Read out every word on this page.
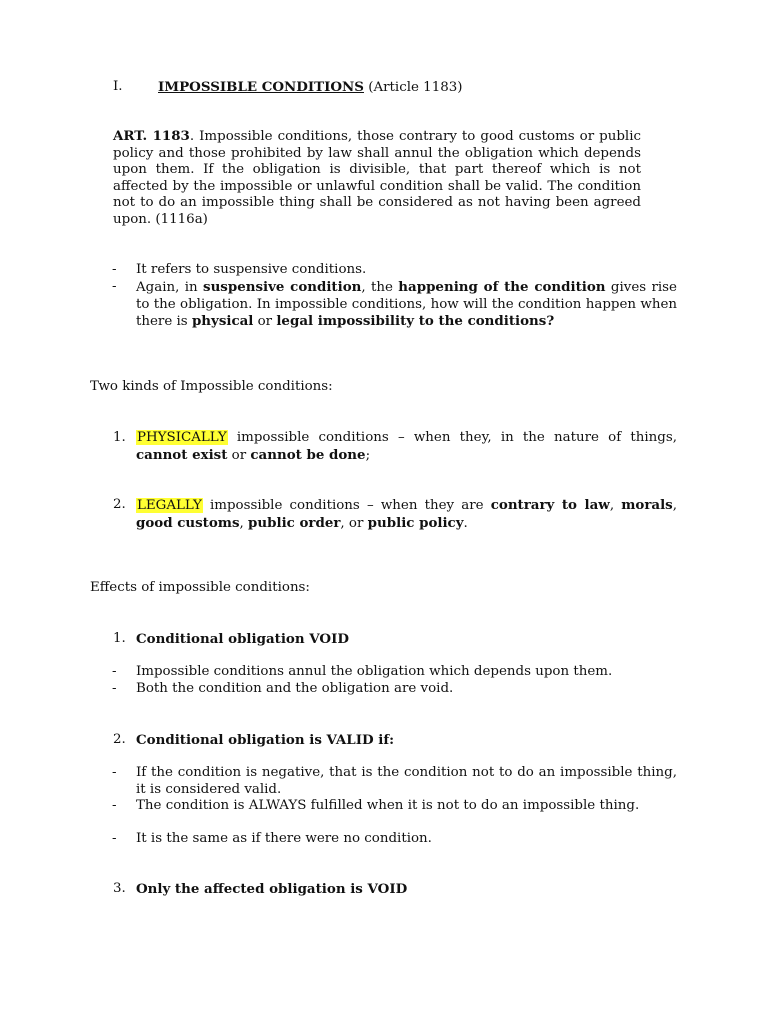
I.	IMPOSSIBLE CONDITIONS (Article 1183)
ART. 1183. Impossible conditions, those contrary to good customs or public policy and those prohibited by law shall annul the obligation which depends upon them. If the obligation is divisible, that part thereof which is not affected by the impossible or unlawful condition shall be valid. The condition not to do an impossible thing shall be considered as not having been agreed upon. (1116a)
- It refers to suspensive conditions.
- Again, in suspensive condition, the happening of the condition gives rise to the obligation. In impossible conditions, how will the condition happen when there is physical or legal impossibility to the conditions?
Two kinds of Impossible conditions:
1. PHYSICALLY impossible conditions – when they, in the nature of things, cannot exist or cannot be done;
2. LEGALLY impossible conditions – when they are contrary to law, morals, good customs, public order, or public policy.
Effects of impossible conditions:
1. Conditional obligation VOID
- Impossible conditions annul the obligation which depends upon them.
- Both the condition and the obligation are void.
2. Conditional obligation is VALID if:
- If the condition is negative, that is the condition not to do an impossible thing, it is considered valid.
- The condition is ALWAYS fulfilled when it is not to do an impossible thing.
- It is the same as if there were no condition.
3. Only the affected obligation is VOID
